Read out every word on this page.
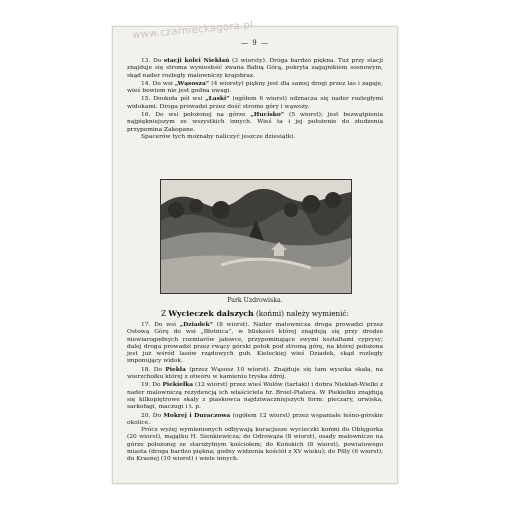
— 9 —

13. Do stacji kolei Niekłań (3 wiorsty). Droga bardzo piękna. Tuż przy stacji znajduje się stroma wyniosłość zwana Babią Górą, pokryta zagajnikiem sosnowym, skąd nader rozległy malowniczy krajobraz.

14. Do wsi „Wąsosza” (4 wiorsty) piękny jest dla samej drogi przez las i zagaje, wieś bowiem nie jest godna uwagi.

15. Dookoła pól wsi „Łaski” (ogółem 6 wiorst) odznacza się nader rozległymi widokami. Droga prowadzi przez dość strome góry i wąwozy.

16. Do wsi położonej na górze „Hucisko” (5 wiorst); jest bezwątpienia najpiękniejszym ze wszystkich innych. Wieś ta i jej położenie do złudzenia przypomina Zakopane.

Spacerów tych możnaby naliczyć jeszcze dziesiątki.

Park Uzdrowiska.
Z Wycieczek dalszych (końmi) należy wymienić:

17. Do wsi „Dziadek” (8 wiorst). Nader malownicza droga prowadzi przez Ostową Górę do wsi „Błotnica”, w bliskości której znajdują się przy drodze niewiarogodnych rozmiarów jałowce, przypominające swymi kształtami cyprysy; dalej droga prowadzi przez rwący górski potok pod stromą górę, na której położona jest już wśród lasów rządowych gub. Kieleckiej wieś Dziadek, skąd rozległy imponujący widok.

18. Do Piekła (przez Wąsosz 10 wiorst). Znajduje się tam wysoka skała, na wierzchołku której z otworu w kamieniu tryska źdrój.

19. Do Piekiełka (12 wiorst) przez wieś Wołów (tartaki) i dobra Niekłań-Wielki z nader malowniczą rezydencją ich właściciela hr. Broel-Platera. W Piekiełku znajdują się kilkopiętrowe skały z piaskowca najdziwaczniejszych form: pieczary, urwiska, sarkofagi, maczugi i t. p.

20. Do Mokrej i Duraczowa (ogółem 12 wiorst) przez wspaniałe leśno-górskie okolice.

Prócz wyżej wymienionych odbywają kuracjusze wycieczki końmi do Oblęgorka (20 wiorst), majątku H. Sienkiewicza; do Odrowąża (8 wiorst), osady malowniczo na górze położonej ze starożytnym kościołem; do Końskich (8 wiorst), powiatowego miasta (droga bardzo piękna; godny widzenia kościół z XV wieku); do Pilly (6 wiorst); do Krasnej (10 wiorst) i wiele innych.

www.czarnieckagora.pl
